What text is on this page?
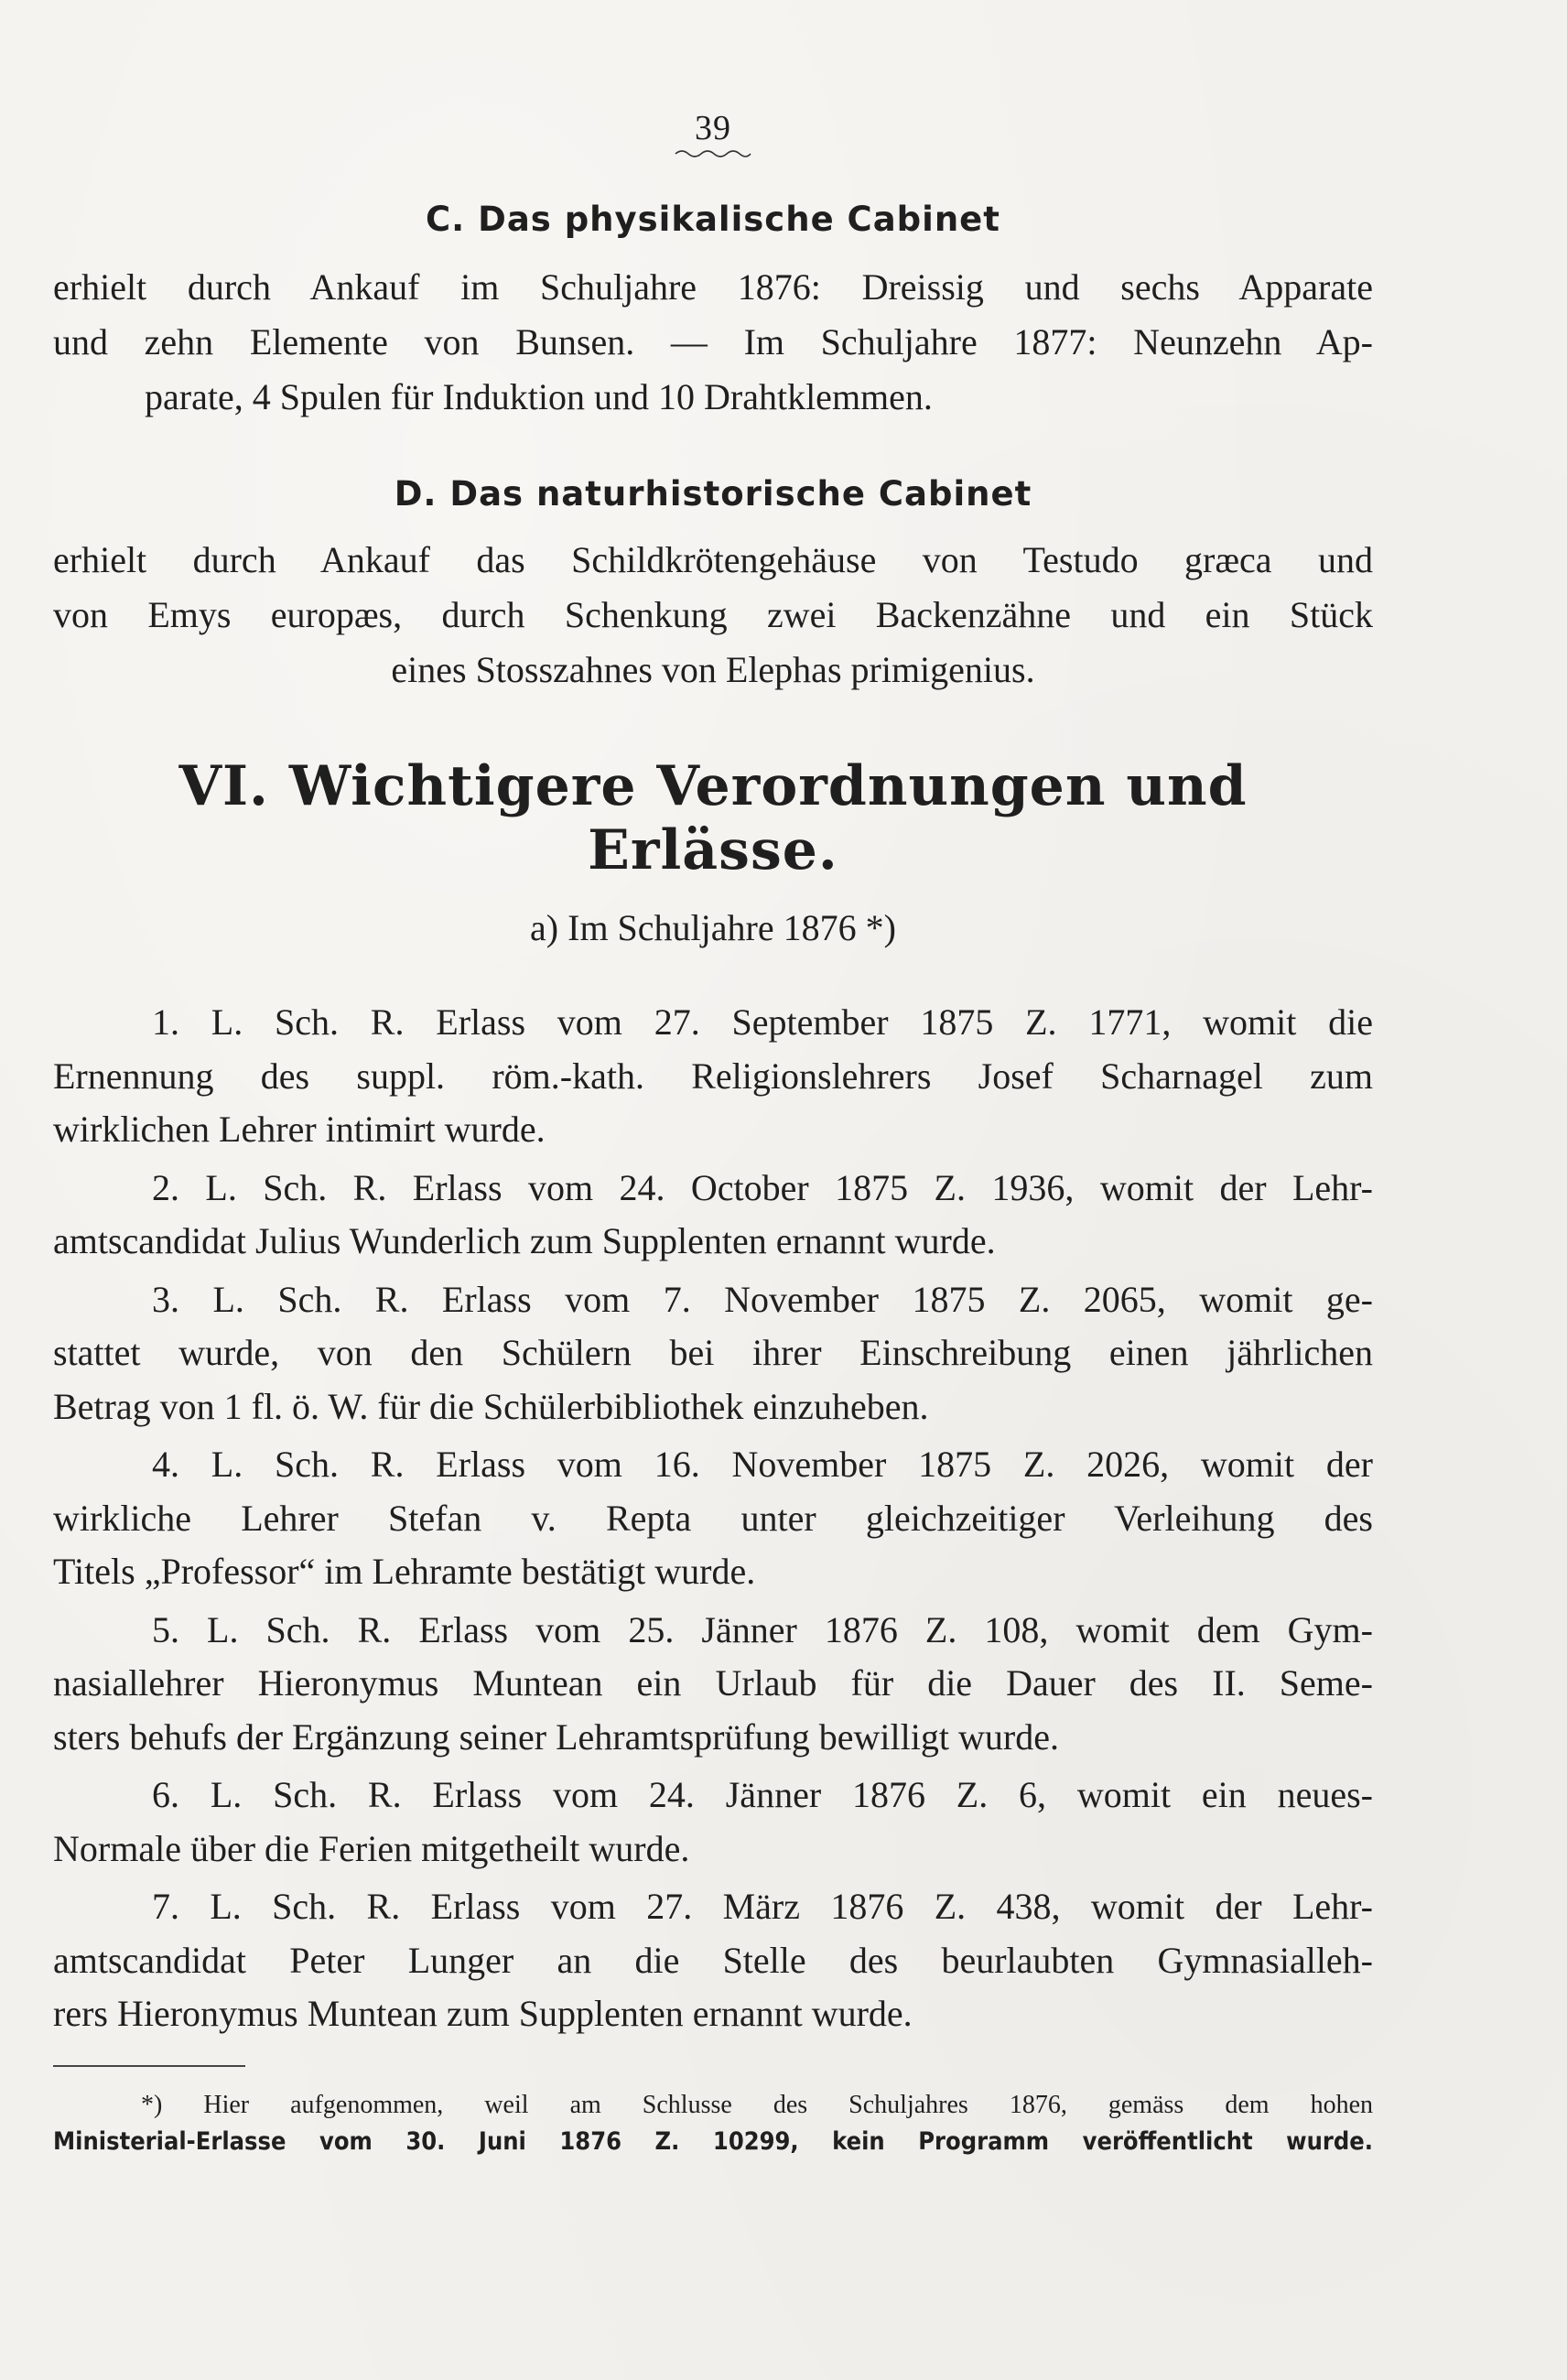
39
C. Das physikalische Cabinet
erhielt durch Ankauf im Schuljahre 1876: Dreissig und sechs Apparate
und zehn Elemente von Bunsen. — Im Schuljahre 1877: Neunzehn Ap-
parate, 4 Spulen für Induktion und 10 Drahtklemmen.
D. Das naturhistorische Cabinet
erhielt durch Ankauf das Schildkrötengehäuse von Testudo græca und
von Emys europæs, durch Schenkung zwei Backenzähne und ein Stück
eines Stosszahnes von Elephas primigenius.
VI. Wichtigere Verordnungen und Erlässe.
a) Im Schuljahre 1876 *)
1. L. Sch. R. Erlass vom 27. September 1875 Z. 1771, womit die
Ernennung des suppl. röm.-kath. Religionslehrers Josef Scharnagel zum
wirklichen Lehrer intimirt wurde.
2. L. Sch. R. Erlass vom 24. October 1875 Z. 1936, womit der Lehr-
amtscandidat Julius Wunderlich zum Supplenten ernannt wurde.
3. L. Sch. R. Erlass vom 7. November 1875 Z. 2065, womit ge-
stattet wurde, von den Schülern bei ihrer Einschreibung einen jährlichen
Betrag von 1 fl. ö. W. für die Schülerbibliothek einzuheben.
4. L. Sch. R. Erlass vom 16. November 1875 Z. 2026, womit der
wirkliche Lehrer Stefan v. Repta unter gleichzeitiger Verleihung des
Titels „Professor“ im Lehramte bestätigt wurde.
5. L. Sch. R. Erlass vom 25. Jänner 1876 Z. 108, womit dem Gym-
nasiallehrer Hieronymus Muntean ein Urlaub für die Dauer des II. Seme-
sters behufs der Ergänzung seiner Lehramtsprüfung bewilligt wurde.
6. L. Sch. R. Erlass vom 24. Jänner 1876 Z. 6, womit ein neues-
Normale über die Ferien mitgetheilt wurde.
7. L. Sch. R. Erlass vom 27. März 1876 Z. 438, womit der Lehr-
amtscandidat Peter Lunger an die Stelle des beurlaubten Gymnasialleh-
rers Hieronymus Muntean zum Supplenten ernannt wurde.
*) Hier aufgenommen, weil am Schlusse des Schuljahres 1876, gemäss dem hohen
Ministerial-Erlasse vom 30. Juni 1876 Z. 10299, kein Programm veröffentlicht wurde.
